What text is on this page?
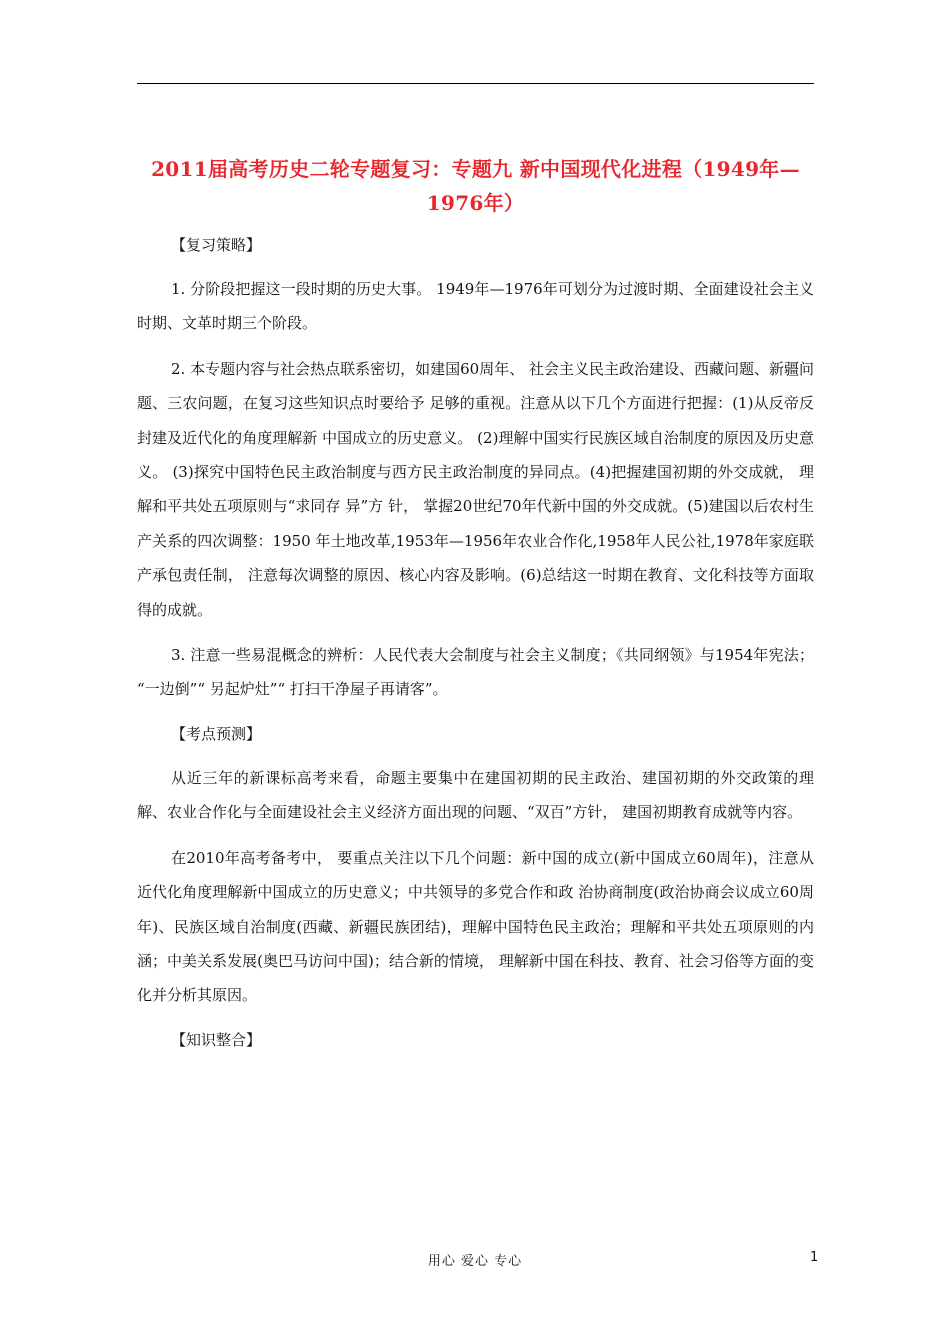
2011届高考历史二轮专题复习：专题九 新中国现代化进程（1949年—
1976年）

【复习策略】

1. 分阶段把握这一段时期的历史大事。 1949年—1976年可划分为过渡时期、全面建设社会主义时期、文革时期三个阶段。

2. 本专题内容与社会热点联系密切，如建国60周年、 社会主义民主政治建设、西藏问题、新疆问题、三农问题，在复习这些知识点时要给予 足够的重视。注意从以下几个方面进行把握：(1)从反帝反封建及近代化的角度理解新 中国成立的历史意义。 (2)理解中国实行民族区域自治制度的原因及历史意义。 (3)探究中国特色民主政治制度与西方民主政治制度的异同点。(4)把握建国初期的外交成就， 理解和平共处五项原则与“求同存 异”方 针， 掌握20世纪70年代新中国的外交成就。(5)建国以后农村生产关系的四次调整：1950 年土地改革,1953年—1956年农业合作化,1958年人民公社,1978年家庭联产承包责任制， 注意每次调整的原因、核心内容及影响。(6)总结这一时期在教育、文化科技等方面取得的成就。

3. 注意一些易混概念的辨析：人民代表大会制度与社会主义制度；《共同纲领》与1954年宪法； “一边倒”“ 另起炉灶”“ 打扫干净屋子再请客”。

【考点预测】

从近三年的新课标高考来看，命题主要集中在建国初期的民主政治、建国初期的外交政策的理解、农业合作化与全面建设社会主义经济方面出现的问题、“双百”方针， 建国初期教育成就等内容。

在2010年高考备考中， 要重点关注以下几个问题：新中国的成立(新中国成立60周年)，注意从近代化角度理解新中国成立的历史意义；中共领导的多党合作和政 治协商制度(政治协商会议成立60周年)、民族区域自治制度(西藏、新疆民族团结)，理解中国特色民主政治；理解和平共处五项原则的内涵；中美关系发展(奥巴马访问中国)；结合新的情境， 理解新中国在科技、教育、社会习俗等方面的变化并分析其原因。

【知识整合】

用心 爱心 专心	1
